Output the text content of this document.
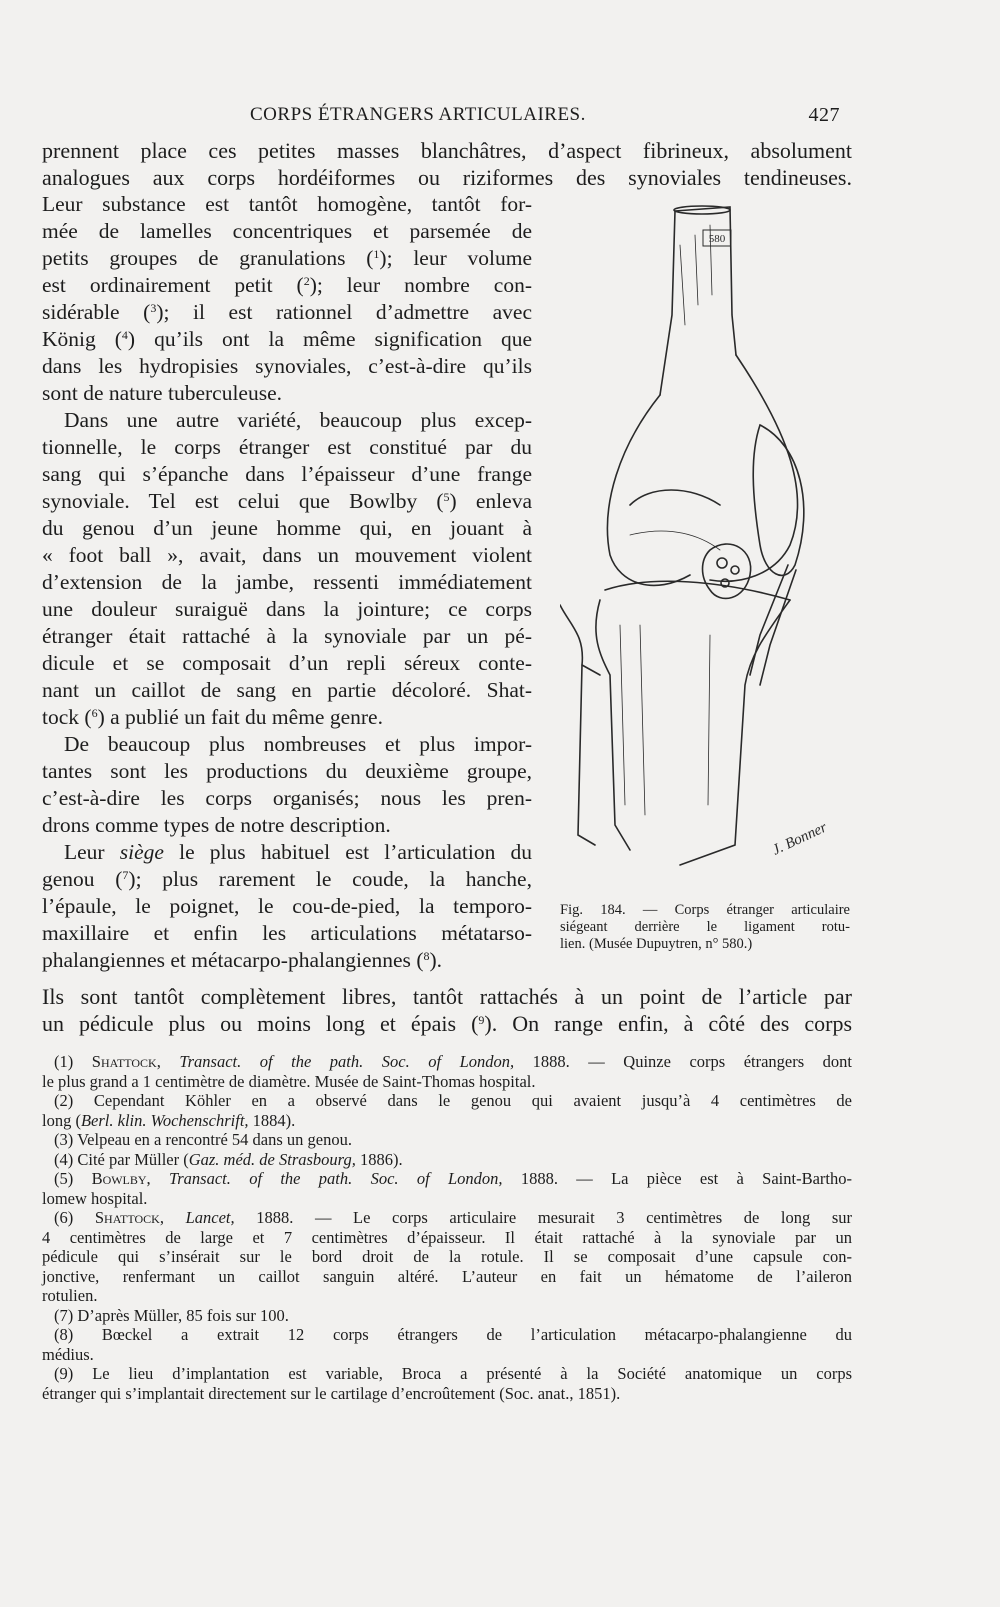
CORPS ÉTRANGERS ARTICULAIRES.	427
prennent place ces petites masses blanchâtres, d’aspect fibrineux, absolument
analogues aux corps hordéiformes ou riziformes des synoviales tendineuses.
Leur substance est tantôt homogène, tantôt for-
mée de lamelles concentriques et parsemée de
petits groupes de granulations ($^1$); leur volume
est ordinairement petit ($^2$); leur nombre con-
sidérable ($^3$); il est rationnel d’admettre avec
König ($^4$) qu’ils ont la même signification que
dans les hydropisies synoviales, c’est-à-dire qu’ils
sont de nature tuberculeuse.
Dans une autre variété, beaucoup plus excep-
tionnelle, le corps étranger est constitué par du
sang qui s’épanche dans l’épaisseur d’une frange
synoviale. Tel est celui que Bowlby ($^5$) enleva
du genou d’un jeune homme qui, en jouant à
« foot ball », avait, dans un mouvement violent
d’extension de la jambe, ressenti immédiatement
une douleur suraiguë dans la jointure; ce corps
étranger était rattaché à la synoviale par un pé-
dicule et se composait d’un repli séreux conte-
nant un caillot de sang en partie décoloré. Shat-
tock ($^6$) a publié un fait du même genre.
De beaucoup plus nombreuses et plus impor-
tantes sont les productions du deuxième groupe,
c’est-à-dire les corps organisés; nous les pren-
drons comme types de notre description.
Leur siège le plus habituel est l’articulation du
genou ($^7$); plus rarement le coude, la hanche,
l’épaule, le poignet, le cou-de-pied, la temporo-
maxillaire et enfin les articulations métatarso-
phalangiennes et métacarpo-phalangiennes ($^8$).
Ils sont tantôt complètement libres, tantôt rattachés à un point de l’article par
un pédicule plus ou moins long et épais ($^9$). On range enfin, à côté des corps
580
J. Bonner
Fig. 184. — Corps étranger articulaire
siégeant derrière le ligament rotu-
lien. (Musée Dupuytren, n° 580.)
(1) Shattock, Transact. of the path. Soc. of London, 1888. — Quinze corps étrangers dont
le plus grand a 1 centimètre de diamètre. Musée de Saint-Thomas hospital.
(2) Cependant Köhler en a observé dans le genou qui avaient jusqu’à 4 centimètres de
long (Berl. klin. Wochenschrift, 1884).
(3) Velpeau en a rencontré 54 dans un genou.
(4) Cité par Müller (Gaz. méd. de Strasbourg, 1886).
(5) Bowlby, Transact. of the path. Soc. of London, 1888. — La pièce est à Saint-Bartho-
lomew hospital.
(6) Shattock, Lancet, 1888. — Le corps articulaire mesurait 3 centimètres de long sur
4 centimètres de large et 7 centimètres d’épaisseur. Il était rattaché à la synoviale par un
pédicule qui s’insérait sur le bord droit de la rotule. Il se composait d’une capsule con-
jonctive, renfermant un caillot sanguin altéré. L’auteur en fait un hématome de l’aileron
rotulien.
(7) D’après Müller, 85 fois sur 100.
(8) Bœckel a extrait 12 corps étrangers de l’articulation métacarpo-phalangienne du
médius.
(9) Le lieu d’implantation est variable, Broca a présenté à la Société anatomique un corps
étranger qui s’implantait directement sur le cartilage d’encroûtement (Soc. anat., 1851).
